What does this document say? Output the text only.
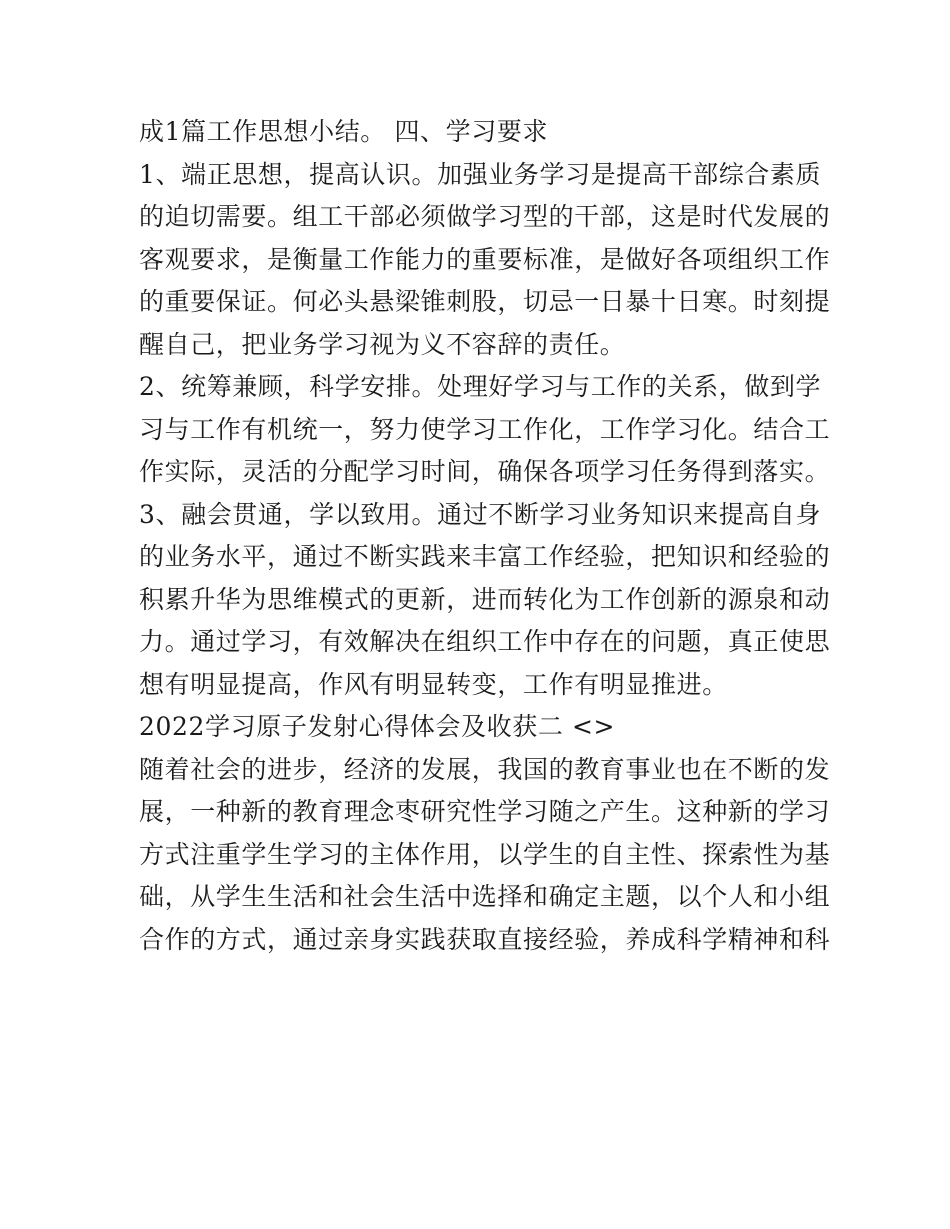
成1篇工作思想小结。 四、学习要求
1、端正思想，提高认识。加强业务学习是提高干部综合素质
的迫切需要。组工干部必须做学习型的干部，这是时代发展的
客观要求，是衡量工作能力的重要标准，是做好各项组织工作
的重要保证。何必头悬梁锥刺股，切忌一日暴十日寒。时刻提
醒自己，把业务学习视为义不容辞的责任。
2、统筹兼顾，科学安排。处理好学习与工作的关系，做到学
习与工作有机统一，努力使学习工作化，工作学习化。结合工
作实际，灵活的分配学习时间，确保各项学习任务得到落实。
3、融会贯通，学以致用。通过不断学习业务知识来提高自身
的业务水平，通过不断实践来丰富工作经验，把知识和经验的
积累升华为思维模式的更新，进而转化为工作创新的源泉和动
力。通过学习，有效解决在组织工作中存在的问题，真正使思
想有明显提高，作风有明显转变，工作有明显推进。
2022学习原子发射心得体会及收获二 <>
随着社会的进步，经济的发展，我国的教育事业也在不断的发
展，一种新的教育理念枣研究性学习随之产生。这种新的学习
方式注重学生学习的主体作用，以学生的自主性、探索性为基
础，从学生生活和社会生活中选择和确定主题，以个人和小组
合作的方式，通过亲身实践获取直接经验，养成科学精神和科
